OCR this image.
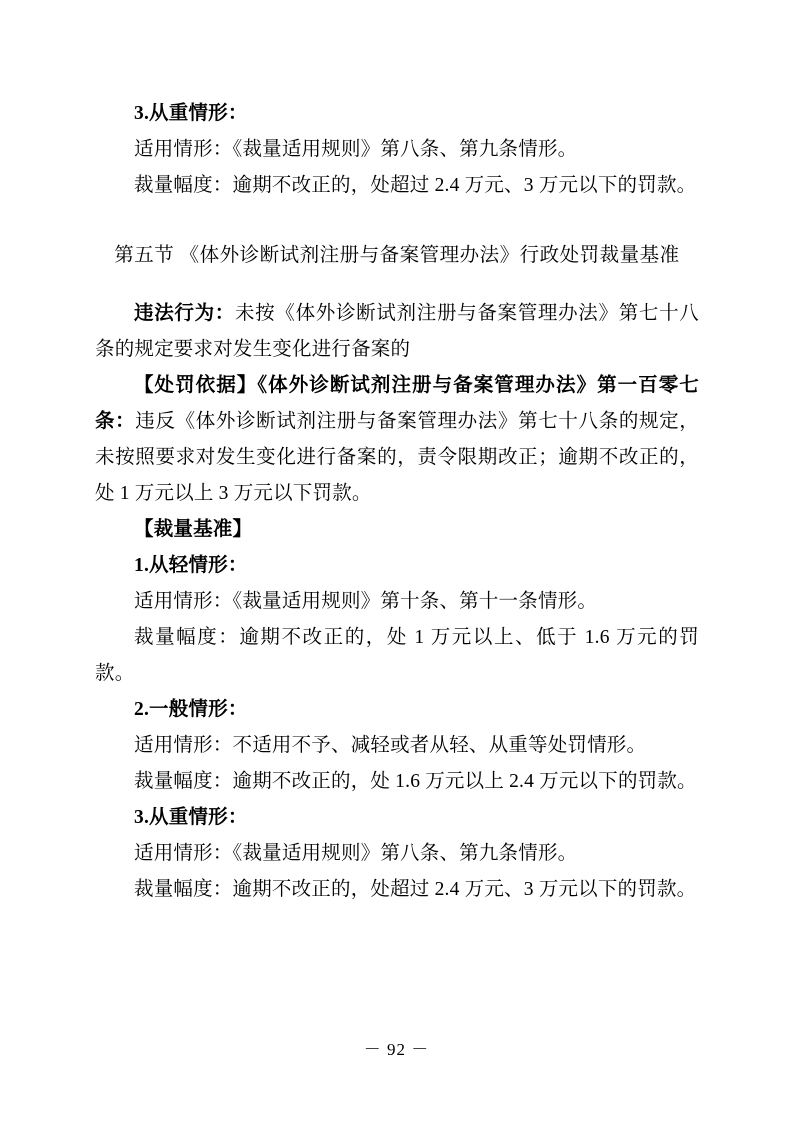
3.从重情形：

适用情形：《裁量适用规则》第八条、第九条情形。

裁量幅度：逾期不改正的，处超过 2.4 万元、3 万元以下的罚款。

第五节 《体外诊断试剂注册与备案管理办法》行政处罚裁量基准

违法行为：未按《体外诊断试剂注册与备案管理办法》第七十八条的规定要求对发生变化进行备案的

【处罚依据】《体外诊断试剂注册与备案管理办法》第一百零七条：违反《体外诊断试剂注册与备案管理办法》第七十八条的规定，未按照要求对发生变化进行备案的，责令限期改正；逾期不改正的，处 1 万元以上 3 万元以下罚款。

【裁量基准】

1.从轻情形：

适用情形：《裁量适用规则》第十条、第十一条情形。

裁量幅度：逾期不改正的，处 1 万元以上、低于 1.6 万元的罚款。

2.一般情形：

适用情形：不适用不予、减轻或者从轻、从重等处罚情形。

裁量幅度：逾期不改正的，处 1.6 万元以上 2.4 万元以下的罚款。

3.从重情形：

适用情形：《裁量适用规则》第八条、第九条情形。

裁量幅度：逾期不改正的，处超过 2.4 万元、3 万元以下的罚款。

－ 92 －
